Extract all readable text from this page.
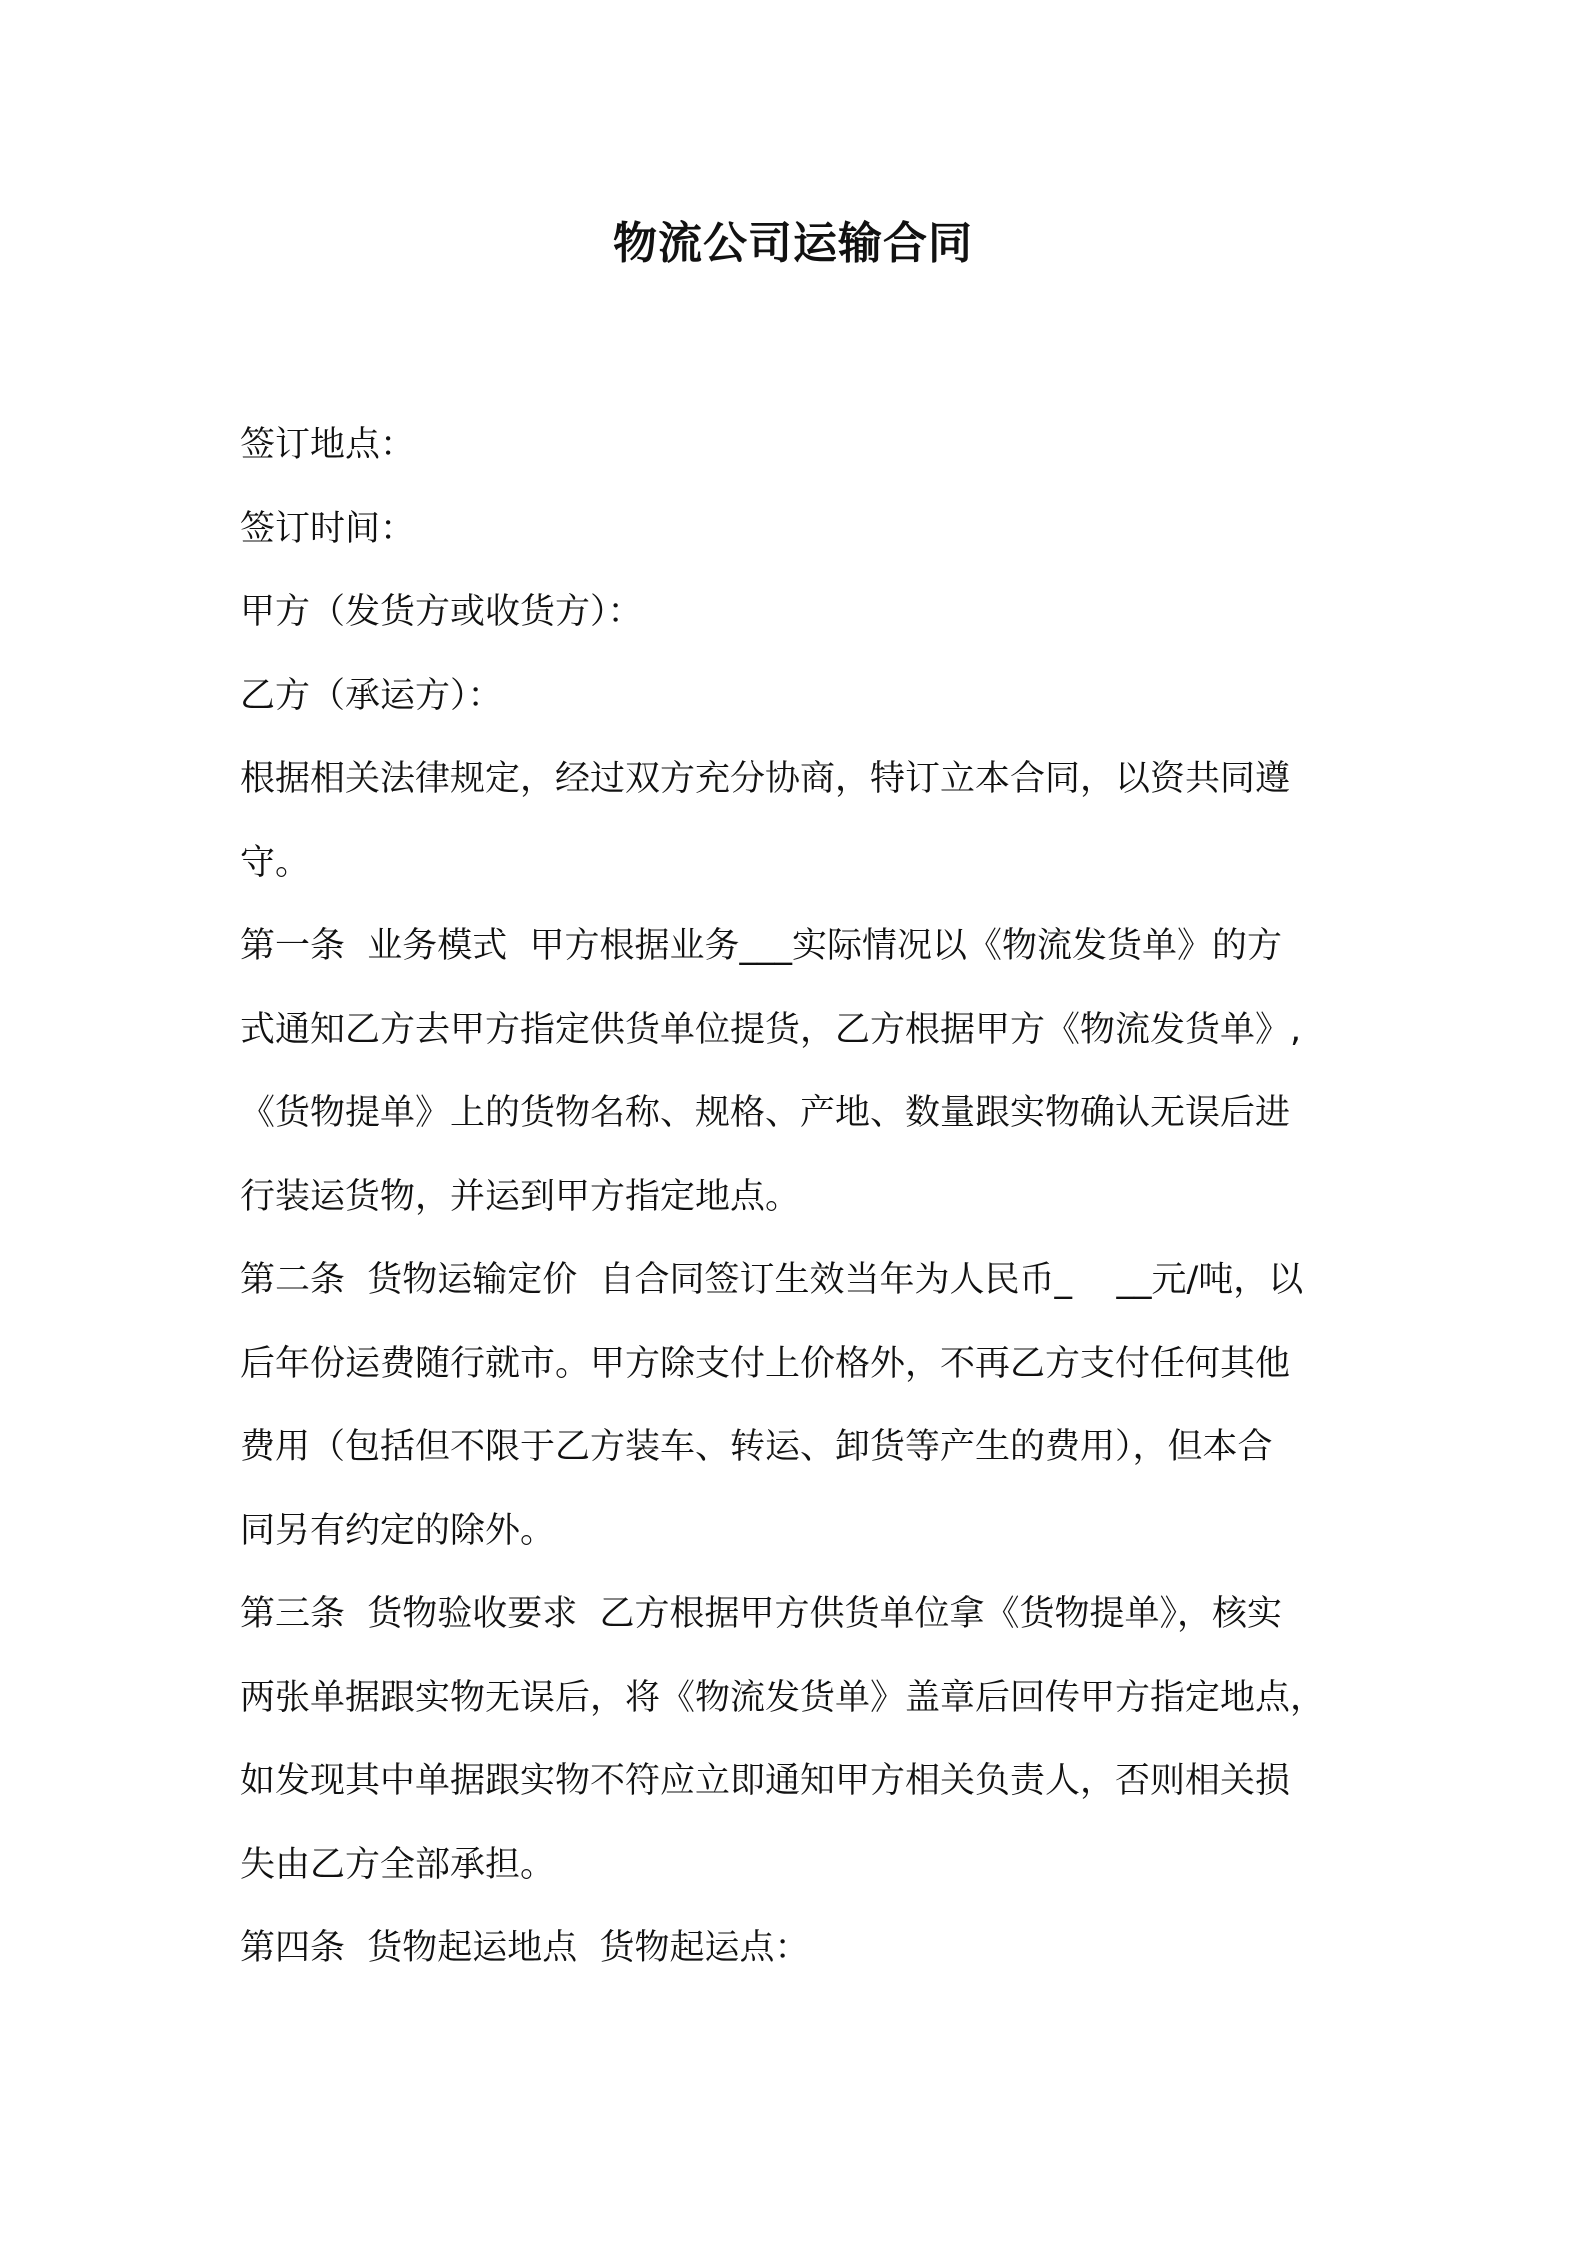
物流公司运输合同
签订地点：
签订时间：
甲方（发货方或收货方）：
乙方（承运方）：
根据相关法律规定，经过双方充分协商，特订立本合同，以资共同遵
守。
第一条  业务模式  甲方根据业务___实际情况以《物流发货单》的方
式通知乙方去甲方指定供货单位提货，乙方根据甲方《物流发货单》,
《货物提单》上的货物名称、规格、产地、数量跟实物确认无误后进
行装运货物，并运到甲方指定地点。
第二条  货物运输定价  自合同签订生效当年为人民币_    __元/吨，以
后年份运费随行就市。甲方除支付上价格外，不再乙方支付任何其他
费用（包括但不限于乙方装车、转运、卸货等产生的费用），但本合
同另有约定的除外。
第三条  货物验收要求  乙方根据甲方供货单位拿《货物提单》，核实
两张单据跟实物无误后，将《物流发货单》盖章后回传甲方指定地点，
如发现其中单据跟实物不符应立即通知甲方相关负责人，否则相关损
失由乙方全部承担。
第四条  货物起运地点  货物起运点：
